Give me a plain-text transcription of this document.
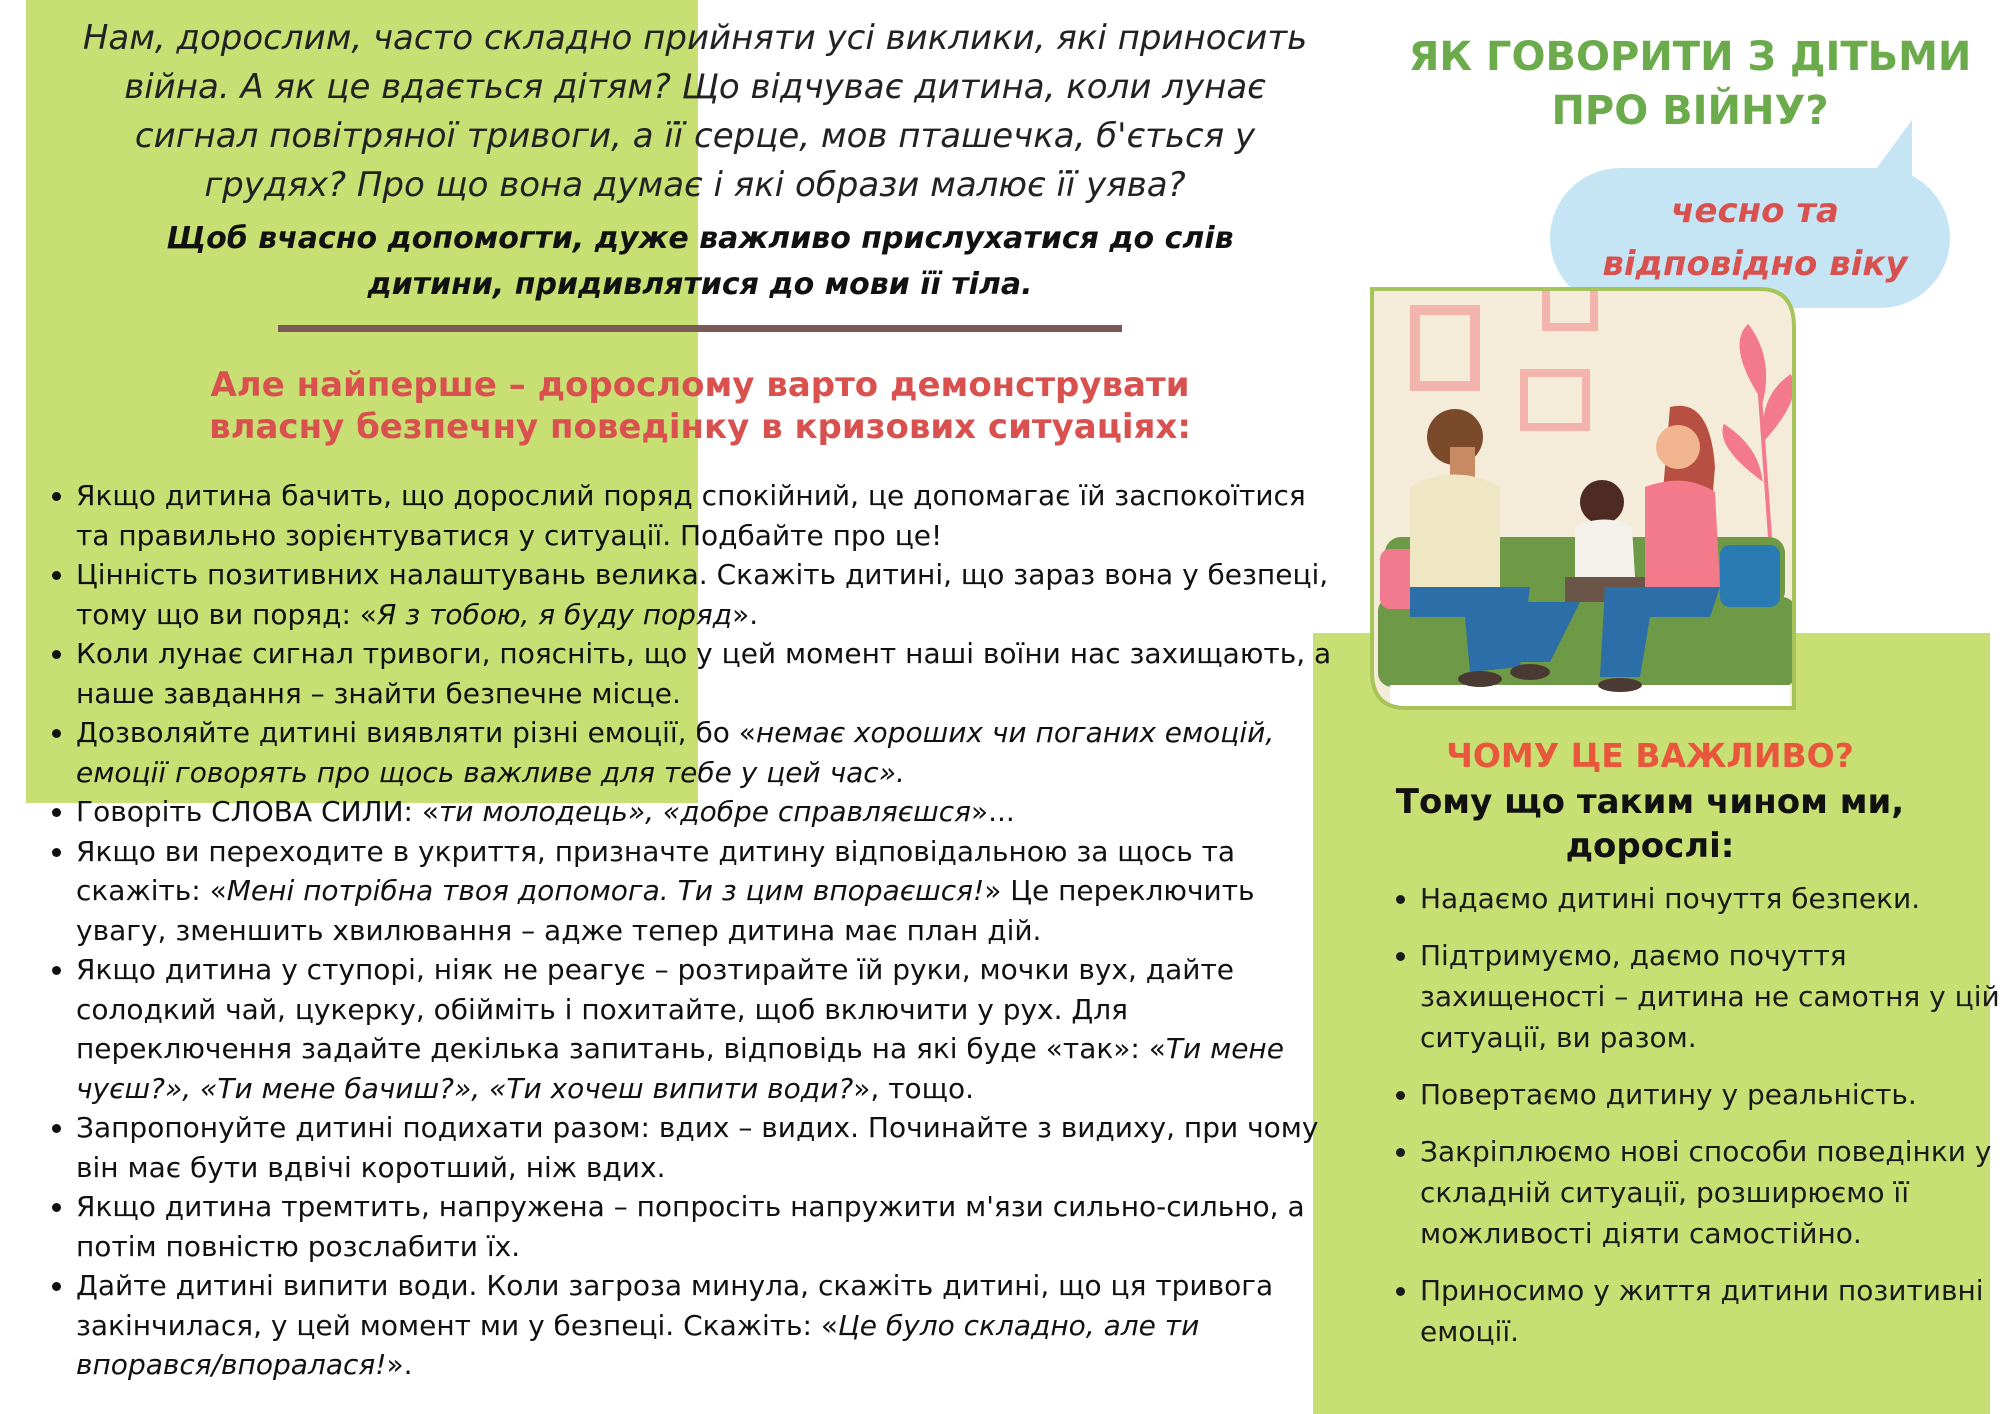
Нам, дорослим, часто складно прийняти усі виклики, які приносить війна. А як це вдається дітям? Що відчуває дитина, коли лунає сигнал повітряної тривоги, а її серце, мов пташечка, б'ється у грудях? Про що вона думає і які образи малює її уява?
Щоб вчасно допомогти, дуже важливо прислухатися до слів дитини, придивлятися до мови її тіла.
Але найперше – дорослому варто демонструвати власну безпечну поведінку в кризових ситуаціях:
• Якщо дитина бачить, що дорослий поряд спокійний, це допомагає їй заспокоїтися та правильно зорієнтуватися у ситуації. Подбайте про це!
• Цінність позитивних налаштувань велика. Скажіть дитині, що зараз вона у безпеці, тому що ви поряд: «Я з тобою, я буду поряд».
• Коли лунає сигнал тривоги, поясніть, що у цей момент наші воїни нас захищають, а наше завдання – знайти безпечне місце.
• Дозволяйте дитині виявляти різні емоції, бо «немає хороших чи поганих емоцій, емоції говорять про щось важливе для тебе у цей час».
• Говоріть СЛОВА СИЛИ: «ти молодець», «добре справляєшся»...
• Якщо ви переходите в укриття, призначте дитину відповідальною за щось та скажіть: «Мені потрібна твоя допомога. Ти з цим впораєшся!» Це переключить увагу, зменшить хвилювання – адже тепер дитина має план дій.
• Якщо дитина у ступорі, ніяк не реагує – розтирайте їй руки, мочки вух, дайте солодкий чай, цукерку, обійміть і похитайте, щоб включити у рух. Для переключення задайте декілька запитань, відповідь на які буде «так»: «Ти мене чуєш?», «Ти мене бачиш?», «Ти хочеш випити води?», тощо.
• Запропонуйте дитині подихати разом: вдих – видих. Починайте з видиху, при чому він має бути вдвічі коротший, ніж вдих.
• Якщо дитина тремтить, напружена – попросіть напружити м'язи сильно-сильно, а потім повністю розслабити їх.
• Дайте дитині випити води. Коли загроза минула, скажіть дитині, що ця тривога закінчилася, у цей момент ми у безпеці. Скажіть: «Це було складно, але ти впорався/впоралася!».
ЯК ГОВОРИТИ З ДІТЬМИ ПРО ВІЙНУ?
чесно та відповідно віку
ЧОМУ ЦЕ ВАЖЛИВО?
Тому що таким чином ми, дорослі:
• Надаємо дитині почуття безпеки.
• Підтримуємо, даємо почуття захищеності – дитина не самотня у цій ситуації, ви разом.
• Повертаємо дитину у реальність.
• Закріплюємо нові способи поведінки у складній ситуації, розширюємо її можливості діяти самостійно.
• Приносимо у життя дитини позитивні емоції.
